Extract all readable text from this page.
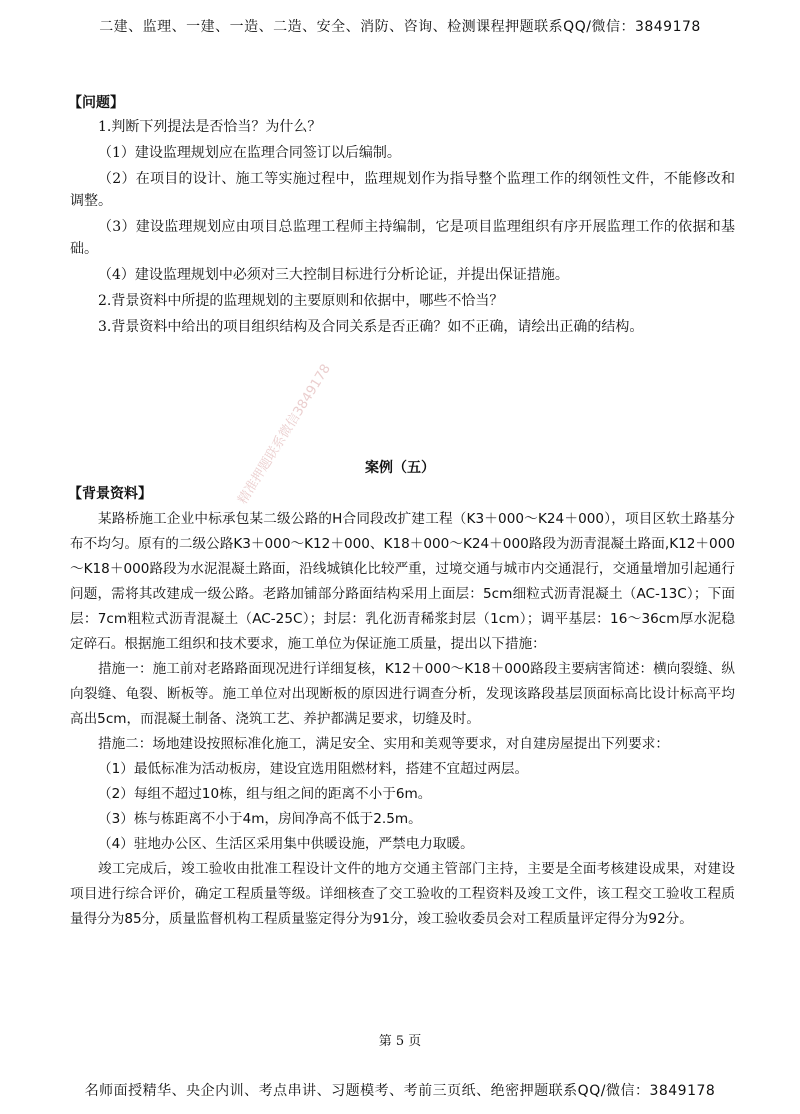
二建、监理、一建、一造、二造、安全、消防、咨询、检测课程押题联系QQ/微信：3849178

【问题】

1.判断下列提法是否恰当？为什么？

（1）建设监理规划应在监理合同签订以后编制。

（2）在项目的设计、施工等实施过程中，监理规划作为指导整个监理工作的纲领性文件，不能修改和调整。

（3）建设监理规划应由项目总监理工程师主持编制，它是项目监理组织有序开展监理工作的依据和基础。

（4）建设监理规划中必须对三大控制目标进行分析论证，并提出保证措施。

2.背景资料中所提的监理规划的主要原则和依据中，哪些不恰当？

3.背景资料中给出的项目组织结构及合同关系是否正确？如不正确，请绘出正确的结构。

案例（五）

【背景资料】

某路桥施工企业中标承包某二级公路的H合同段改扩建工程（K3＋000～K24＋000），项目区软土路基分布不均匀。原有的二级公路K3＋000～K12＋000、K18＋000～K24＋000路段为沥青混凝土路面,K12＋000～K18＋000路段为水泥混凝土路面，沿线城镇化比较严重，过境交通与城市内交通混行，交通量增加引起通行问题，需将其改建成一级公路。老路加铺部分路面结构采用上面层：5cm细粒式沥青混凝土（AC-13C）；下面层：7cm粗粒式沥青混凝土（AC-25C）；封层：乳化沥青稀浆封层（1cm）；调平基层：16～36cm厚水泥稳定碎石。根据施工组织和技术要求，施工单位为保证施工质量，提出以下措施：

措施一：施工前对老路路面现况进行详细复核，K12＋000～K18＋000路段主要病害简述：横向裂缝、纵向裂缝、龟裂、断板等。施工单位对出现断板的原因进行调查分析，发现该路段基层顶面标高比设计标高平均高出5cm，而混凝土制备、浇筑工艺、养护都满足要求，切缝及时。

措施二：场地建设按照标准化施工，满足安全、实用和美观等要求，对自建房屋提出下列要求：

（1）最低标准为活动板房，建设宜选用阻燃材料，搭建不宜超过两层。

（2）每组不超过10栋，组与组之间的距离不小于6m。

（3）栋与栋距离不小于4m，房间净高不低于2.5m。

（4）驻地办公区、生活区采用集中供暖设施，严禁电力取暖。

竣工完成后，竣工验收由批准工程设计文件的地方交通主管部门主持，主要是全面考核建设成果，对建设项目进行综合评价，确定工程质量等级。详细核查了交工验收的工程资料及竣工文件，该工程交工验收工程质量得分为85分，质量监督机构工程质量鉴定得分为91分，竣工验收委员会对工程质量评定得分为92分。

第 5 页

名师面授精华、央企内训、考点串讲、习题模考、考前三页纸、绝密押题联系QQ/微信：3849178
精准押题联系微信3849178
